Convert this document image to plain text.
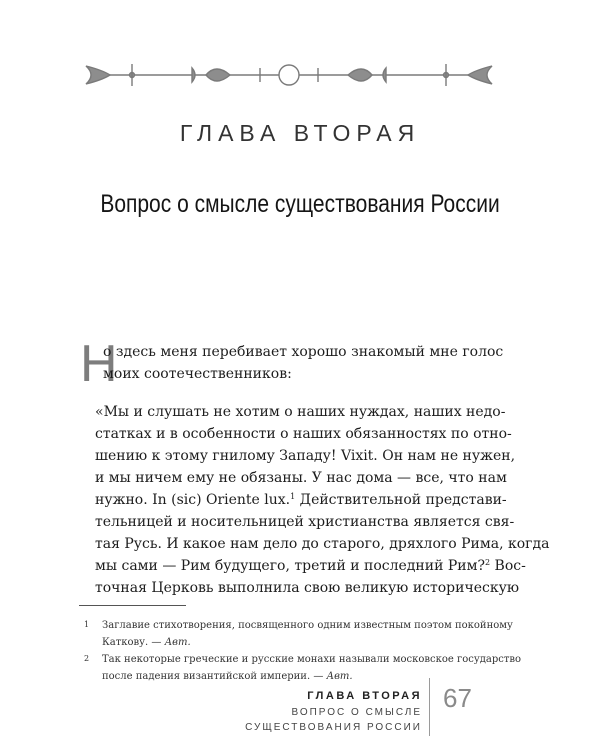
ГЛАВА ВТОРАЯ
Вопрос о смысле существования России
Н
о здесь меня перебивает хорошо знакомый мне голос
моих соотечественников:
«Мы и слушать не хотим о наших нуждах, наших недо-
статках и в особенности о наших обязанностях по отно-
шению к этому гнилому Западу! Vixit. Он нам не нужен,
и мы ничем ему не обязаны. У нас дома — все, что нам
нужно. In (sic) Oriente lux.$^1$ Действительной представи-
тельницей и носительницей христианства является свя-
тая Русь. И какое нам дело до старого, дряхлого Рима, когда
мы сами — Рим будущего, третий и последний Рим?$^2$ Вос-
точная Церковь выполнила свою великую историческую
1 Заглавие стихотворения, посвященного одним известным поэтом покойному
Каткову. — Авт.
2 Так некоторые греческие и русские монахи называли московское государство
после падения византийской империи. — Авт.
ГЛАВА ВТОРАЯ
ВОПРОС О СМЫСЛЕ
СУЩЕСТВОВАНИЯ РОССИИ
67
